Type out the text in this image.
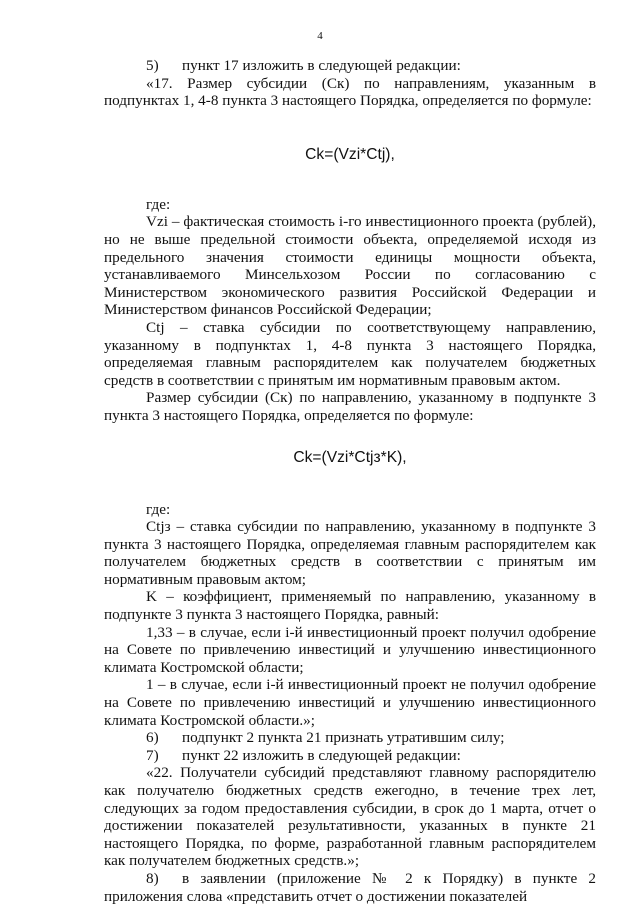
4

5) пункт 17 изложить в следующей редакции:

«17. Размер субсидии (Ск) по направлениям, указанным в подпунктах 1, 4-8 пункта 3 настоящего Порядка, определяется по формуле:

Ck=(Vzi*Ctj),

где:

Vzi – фактическая стоимость i-го инвестиционного проекта (рублей), но не выше предельной стоимости объекта, определяемой исходя из предельного значения стоимости единицы мощности объекта, устанавливаемого Минсельхозом России по согласованию с Министерством экономического развития Российской Федерации и Министерством финансов Российской Федерации;

Ctj – ставка субсидии по соответствующему направлению, указанному в подпунктах 1, 4-8 пункта 3 настоящего Порядка, определяемая главным распорядителем как получателем бюджетных средств в соответствии с принятым им нормативным правовым актом.

Размер субсидии (Ск) по направлению, указанному в подпункте 3 пункта 3 настоящего Порядка, определяется по формуле:

Ck=(Vzi*Ctjз*K),

где:

Ctjз – ставка субсидии по направлению, указанному в подпункте 3 пункта 3 настоящего Порядка, определяемая главным распорядителем как получателем бюджетных средств в соответствии с принятым им нормативным правовым актом;

K – коэффициент, применяемый по направлению, указанному в подпункте 3 пункта 3 настоящего Порядка, равный:

1,33 – в случае, если i-й инвестиционный проект получил одобрение на Совете по привлечению инвестиций и улучшению инвестиционного климата Костромской области;

1 – в случае, если i-й инвестиционный проект не получил одобрение на Совете по привлечению инвестиций и улучшению инвестиционного климата Костромской области.»;

6) подпункт 2 пункта 21 признать утратившим силу;

7) пункт 22 изложить в следующей редакции:

«22. Получатели субсидий представляют главному распорядителю как получателю бюджетных средств ежегодно, в течение трех лет, следующих за годом предоставления субсидии, в срок до 1 марта, отчет о достижении показателей результативности, указанных в пункте 21 настоящего Порядка, по форме, разработанной главным распорядителем как получателем бюджетных средств.»;

8) в заявлении (приложение № 2 к Порядку) в пункте 2 приложения слова «представить отчет о достижении показателей
